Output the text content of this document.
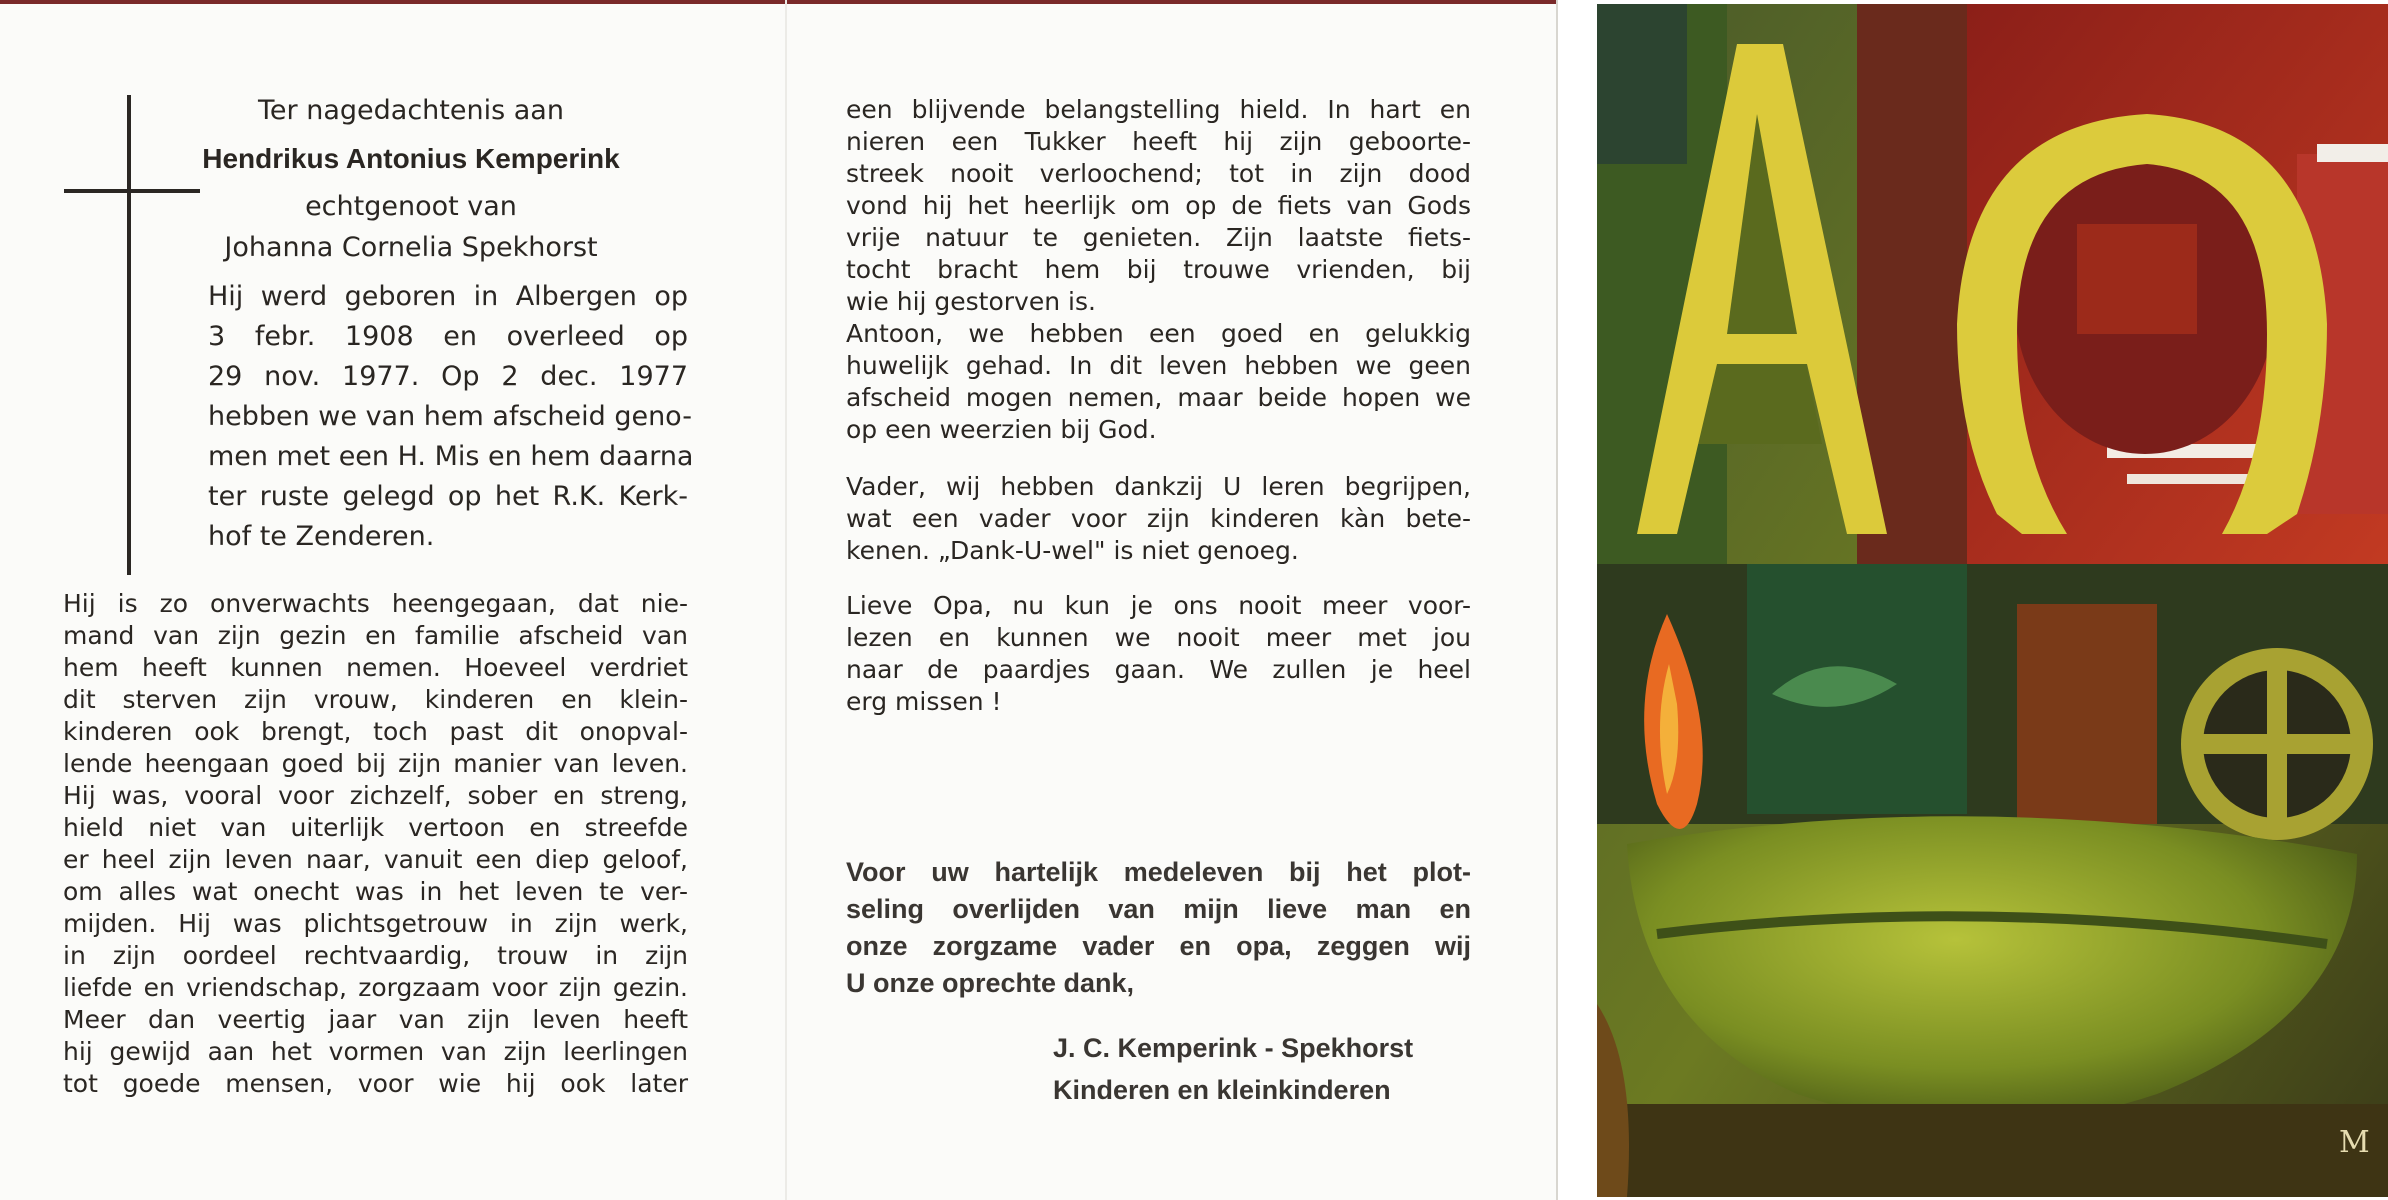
Ter nagedachtenis aan
Hendrikus Antonius Kemperink
echtgenoot van
Johanna Cornelia Spekhorst
Hij werd geboren in Albergen op
3 febr. 1908 en overleed op
29 nov. 1977. Op 2 dec. 1977
hebben we van hem afscheid geno-
men met een H. Mis en hem daarna
ter ruste gelegd op het R.K. Kerk-
hof te Zenderen.
Hij is zo onverwachts heengegaan, dat nie-
mand van zijn gezin en familie afscheid van
hem heeft kunnen nemen. Hoeveel verdriet
dit sterven zijn vrouw, kinderen en klein-
kinderen ook brengt, toch past dit onopval-
lende heengaan goed bij zijn manier van leven.
Hij was, vooral voor zichzelf, sober en streng,
hield niet van uiterlijk vertoon en streefde
er heel zijn leven naar, vanuit een diep geloof,
om alles wat onecht was in het leven te ver-
mijden. Hij was plichtsgetrouw in zijn werk,
in zijn oordeel rechtvaardig, trouw in zijn
liefde en vriendschap, zorgzaam voor zijn gezin.
Meer dan veertig jaar van zijn leven heeft
hij gewijd aan het vormen van zijn leerlingen
tot goede mensen, voor wie hij ook later
een blijvende belangstelling hield. In hart en
nieren een Tukker heeft hij zijn geboorte-
streek nooit verloochend; tot in zijn dood
vond hij het heerlijk om op de fiets van Gods
vrije natuur te genieten. Zijn laatste fiets-
tocht bracht hem bij trouwe vrienden, bij
wie hij gestorven is.
Antoon, we hebben een goed en gelukkig
huwelijk gehad. In dit leven hebben we geen
afscheid mogen nemen, maar beide hopen we
op een weerzien bij God.
Vader, wij hebben dankzij U leren begrijpen,
wat een vader voor zijn kinderen kàn bete-
kenen. „Dank-U-wel" is niet genoeg.
Lieve Opa, nu kun je ons nooit meer voor-
lezen en kunnen we nooit meer met jou
naar de paardjes gaan. We zullen je heel
erg missen !
Voor uw hartelijk medeleven bij het plot-
seling overlijden van mijn lieve man en
onze zorgzame vader en opa, zeggen wij
U onze oprechte dank,
J. C. Kemperink - Spekhorst
Kinderen en kleinkinderen
M
